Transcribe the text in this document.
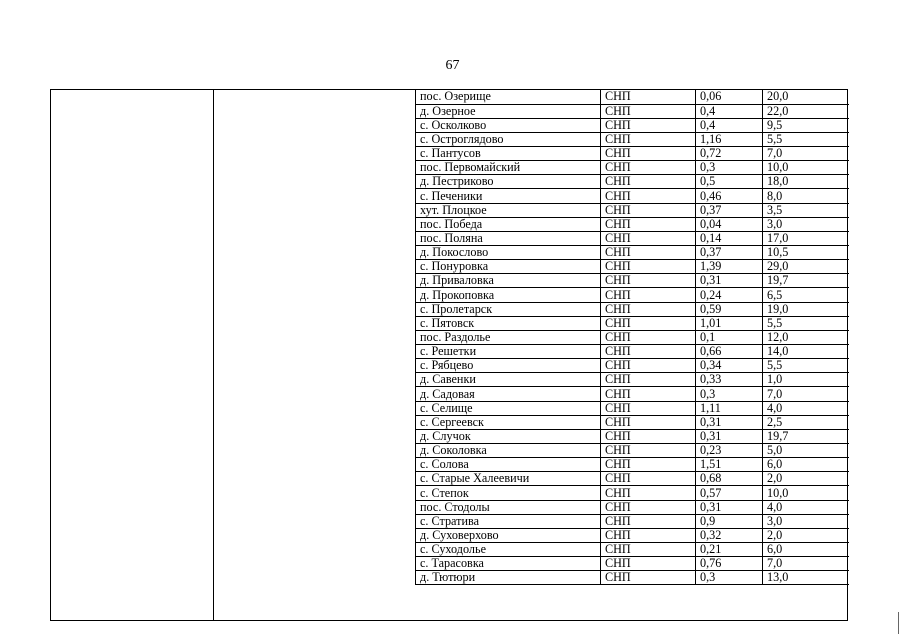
67
пос. Озерище	СНП	0,06	20,0
д. Озерное	СНП	0,4	22,0
с. Осколково	СНП	0,4	9,5
с. Остроглядово	СНП	1,16	5,5
с. Пантусов	СНП	0,72	7,0
пос. Первомайский	СНП	0,3	10,0
д. Пестриково	СНП	0,5	18,0
с. Печеники	СНП	0,46	8,0
хут. Плоцкое	СНП	0,37	3,5
пос. Победа	СНП	0,04	3,0
пос. Поляна	СНП	0,14	17,0
д. Покослово	СНП	0,37	10,5
с. Понуровка	СНП	1,39	29,0
д. Приваловка	СНП	0,31	19,7
д. Прокоповка	СНП	0,24	6,5
с. Пролетарск	СНП	0,59	19,0
с. Пятовск	СНП	1,01	5,5
пос. Раздолье	СНП	0,1	12,0
с. Решетки	СНП	0,66	14,0
с. Рябцево	СНП	0,34	5,5
д. Савенки	СНП	0,33	1,0
д. Садовая	СНП	0,3	7,0
с. Селище	СНП	1,11	4,0
с. Сергеевск	СНП	0,31	2,5
д. Случок	СНП	0,31	19,7
д. Соколовка	СНП	0,23	5,0
с. Солова	СНП	1,51	6,0
с. Старые Халеевичи	СНП	0,68	2,0
с. Степок	СНП	0,57	10,0
пос. Стодолы	СНП	0,31	4,0
с. Стратива	СНП	0,9	3,0
д. Суховерхово	СНП	0,32	2,0
с. Суходолье	СНП	0,21	6,0
с. Тарасовка	СНП	0,76	7,0
д. Тютюри	СНП	0,3	13,0
